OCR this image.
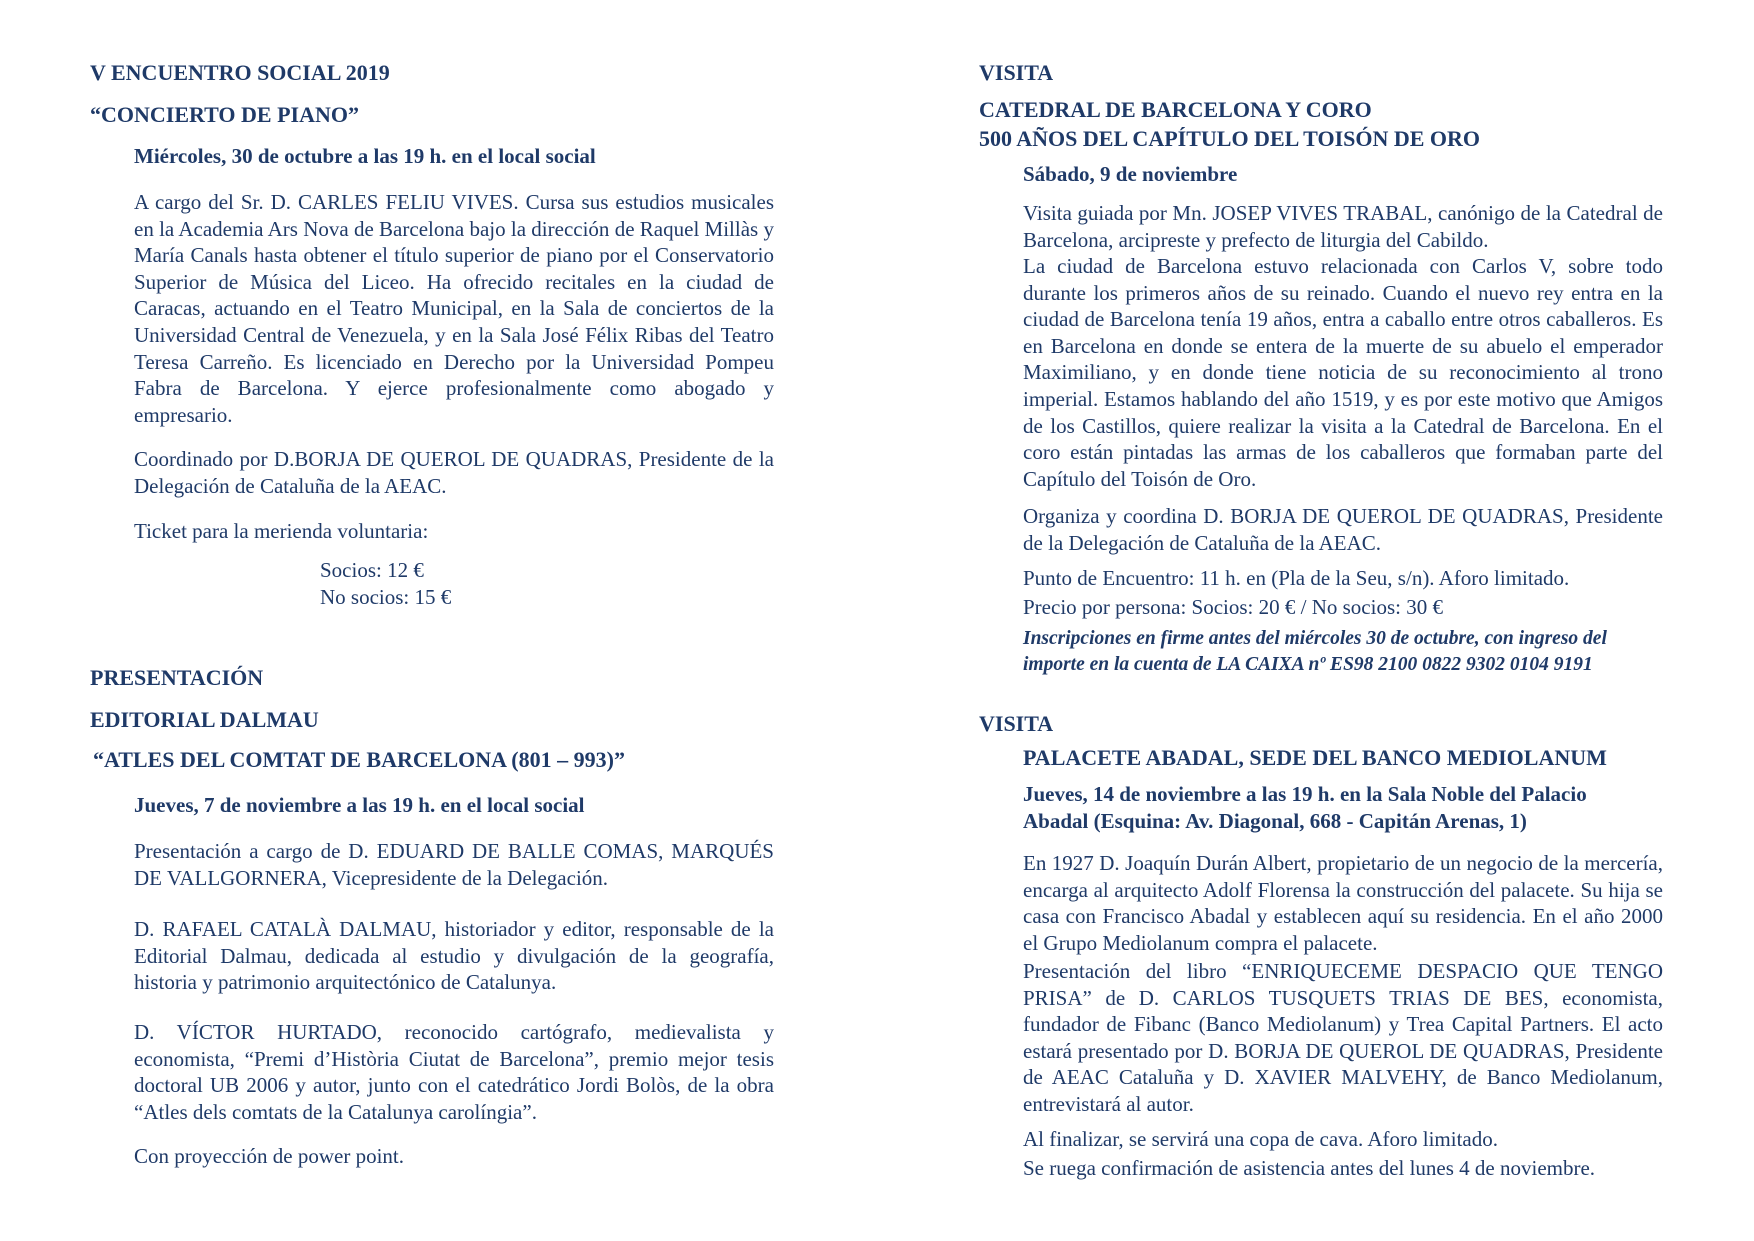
V ENCUENTRO SOCIAL 2019
“CONCIERTO DE PIANO”

Miércoles, 30 de octubre a las 19 h. en el local social

A cargo del Sr. D. CARLES FELIU VIVES. Cursa sus estudios musicales en la Academia Ars Nova de Barcelona bajo la dirección de Raquel Millàs y María Canals hasta obtener el título superior de piano por el Conservatorio Superior de Música del Liceo. Ha ofrecido recitales en la ciudad de Caracas, actuando en el Teatro Municipal, en la Sala de conciertos de la Universidad Central de Venezuela, y en la Sala José Félix Ribas del Teatro Teresa Carreño. Es licenciado en Derecho por la Universidad Pompeu Fabra de Barcelona. Y ejerce profesionalmente como abogado y empresario.

Coordinado por D.BORJA DE QUEROL DE QUADRAS, Presidente de la Delegación de Cataluña de la AEAC.

Ticket para la merienda voluntaria:

Socios: 12 €
No socios: 15 €
PRESENTACIÓN
EDITORIAL DALMAU
“ATLES DEL COMTAT DE BARCELONA (801 – 993)”

Jueves, 7 de noviembre a las 19 h. en el local social

Presentación a cargo de D. EDUARD DE BALLE COMAS, MARQUÉS DE VALLGORNERA, Vicepresidente de la Delegación.

D. RAFAEL CATALÀ DALMAU, historiador y editor, responsable de la Editorial Dalmau, dedicada al estudio y divulgación de la geografía, historia y patrimonio arquitectónico de Catalunya.

D. VÍCTOR HURTADO, reconocido cartógrafo, medievalista y economista, “Premi d’Història Ciutat de Barcelona”, premio mejor tesis doctoral UB 2006 y autor, junto con el catedrático Jordi Bolòs, de la obra “Atles dels comtats de la Catalunya carolíngia”.

Con proyección de power point.

VISITA
CATEDRAL DE BARCELONA Y CORO
500 AÑOS DEL CAPÍTULO DEL TOISÓN DE ORO

Sábado, 9 de noviembre

Visita guiada por Mn. JOSEP VIVES TRABAL, canónigo de la Catedral de Barcelona, arcipreste y prefecto de liturgia del Cabildo.

La ciudad de Barcelona estuvo relacionada con Carlos V, sobre todo durante los primeros años de su reinado. Cuando el nuevo rey entra en la ciudad de Barcelona tenía 19 años, entra a caballo entre otros caballeros. Es en Barcelona en donde se entera de la muerte de su abuelo el emperador Maximiliano, y en donde tiene noticia de su reconocimiento al trono imperial. Estamos hablando del año 1519, y es por este motivo que Amigos de los Castillos, quiere realizar la visita a la Catedral de Barcelona. En el coro están pintadas las armas de los caballeros que formaban parte del Capítulo del Toisón de Oro.

Organiza y coordina D. BORJA DE QUEROL DE QUADRAS, Presidente de la Delegación de Cataluña de la AEAC.

Punto de Encuentro: 11 h. en (Pla de la Seu, s/n). Aforo limitado.

Precio por persona: Socios: 20 € / No socios: 30 €

Inscripciones en firme antes del miércoles 30 de octubre, con ingreso del
importe en la cuenta de LA CAIXA nº ES98 2100 0822 9302 0104 9191
VISITA
PALACETE ABADAL, SEDE DEL BANCO MEDIOLANUM
Jueves, 14 de noviembre a las 19 h. en la Sala Noble del Palacio
Abadal (Esquina: Av. Diagonal, 668 - Capitán Arenas, 1)

En 1927 D. Joaquín Durán Albert, propietario de un negocio de la mercería, encarga al arquitecto Adolf Florensa la construcción del palacete. Su hija se casa con Francisco Abadal y establecen aquí su residencia. En el año 2000 el Grupo Mediolanum compra el palacete.

Presentación del libro “ENRIQUECEME DESPACIO QUE TENGO PRISA” de D. CARLOS TUSQUETS TRIAS DE BES, economista, fundador de Fibanc (Banco Mediolanum) y Trea Capital Partners. El acto estará presentado por D. BORJA DE QUEROL DE QUADRAS, Presidente de AEAC Cataluña y D. XAVIER MALVEHY, de Banco Mediolanum, entrevistará al autor.

Al finalizar, se servirá una copa de cava. Aforo limitado.

Se ruega confirmación de asistencia antes del lunes 4 de noviembre.
